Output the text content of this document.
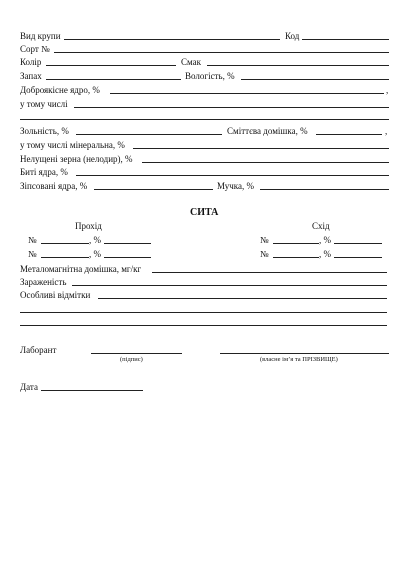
Вид крупи	Код
Сорт №
Колір	Смак
Запах	Вологість, %
Доброякісне ядро, %	,
у тому числі
Зольність, %	Сміттєва домішка, %	,
у тому числі мінеральна, %
Нелущені зерна (нелодир), %
Биті ядра, %
Зіпсовані ядра, %	Мучка, %
СИТА
Прохід	Схід
№	, %	№	, %
№	, %	№	, %
Металомагнітна домішка, мг/кг
Зараженість
Особливі відмітки
Лаборант
(підпис)	(власне ім’я та ПРІЗВИЩЕ)
Дата
